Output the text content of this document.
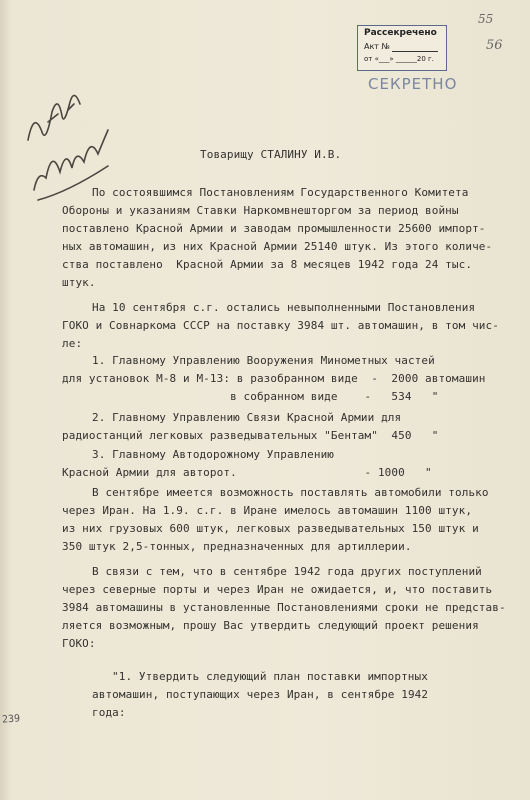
55
56
Рассекречено
Акт №
от «___» ______20 г.
СЕКРЕТНО
Товарищу СТАЛИНУ И.В.
По состоявшимся Постановлениям Государственного Комитета
Обороны и указаниям Ставки Наркомвнешторгом за период войны
поставлено Красной Армии и заводам промышленности 25600 импорт-
ных автомашин, из них Красной Армии 25140 штук. Из этого количе-
ства поставлено  Красной Армии за 8 месяцев 1942 года 24 тыс.
штук.
На 10 сентября с.г. остались невыполненными Постановления
ГОКО и Совнаркома СССР на поставку 3984 шт. автомашин, в том чис-
ле:
1. Главному Управлению Вооружения Минометных частей
для установок М-8 и М-13: в разобранном виде  -  2000 автомашин
в собранном виде    -   534   "
2. Главному Управлению Связи Красной Армии для
радиостанций легковых разведывательных "Бентам"  450   "
3. Главному Автодорожному Управлению
Красной Армии для авторот.                   - 1000   "
В сентябре имеется возможность поставлять автомобили только
через Иран. На 1.9. с.г. в Иране имелось автомашин 1100 штук,
из них грузовых 600 штук, легковых разведывательных 150 штук и
350 штук 2,5-тонных, предназначенных для артиллерии.
В связи с тем, что в сентябре 1942 года других поступлений
через северные порты и через Иран не ожидается, и, что поставить
3984 автомашины в установленные Постановлениями сроки не представ-
ляется возможным, прошу Вас утвердить следующий проект решения
ГОКО:
"1. Утвердить следующий план поставки импортных
автомашин, поступающих через Иран, в сентябре 1942
года:
239
